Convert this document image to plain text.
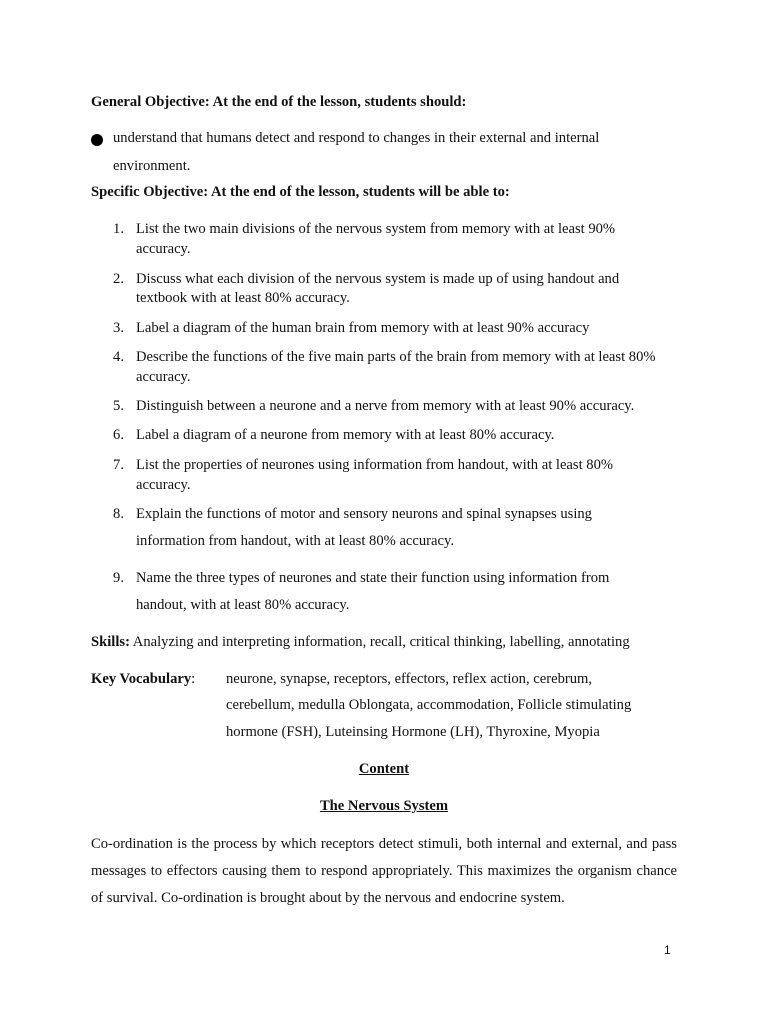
General Objective: At the end of the lesson, students should:
understand that humans detect and respond to changes in their external and internal
environment.
Specific Objective: At the end of the lesson, students will be able to:
1. List the two main divisions of the nervous system from memory with at least 90%
accuracy.
2. Discuss what each division of the nervous system is made up of using handout and
textbook with at least 80% accuracy.
3. Label a diagram of the human brain from memory with at least 90% accuracy
4. Describe the functions of the five main parts of the brain from memory with at least 80%
accuracy.
5. Distinguish between a neurone and a nerve from memory with at least 90% accuracy.
6. Label a diagram of a neurone from memory with at least 80% accuracy.
7. List the properties of neurones using information from handout, with at least 80%
accuracy.
8. Explain the functions of motor and sensory neurons and spinal synapses using
information from handout, with at least 80% accuracy.
9. Name the three types of neurones and state their function using information from
handout, with at least 80% accuracy.
Skills: Analyzing and interpreting information, recall, critical thinking, labelling, annotating
Key Vocabulary: neurone, synapse, receptors, effectors, reflex action, cerebrum,
cerebellum, medulla Oblongata, accommodation, Follicle stimulating
hormone (FSH), Luteinsing Hormone (LH), Thyroxine, Myopia
Content
The Nervous System
Co-ordination is the process by which receptors detect stimuli, both internal and external, and pass messages to effectors causing them to respond appropriately. This maximizes the organism chance of survival. Co-ordination is brought about by the nervous and endocrine system.
1
